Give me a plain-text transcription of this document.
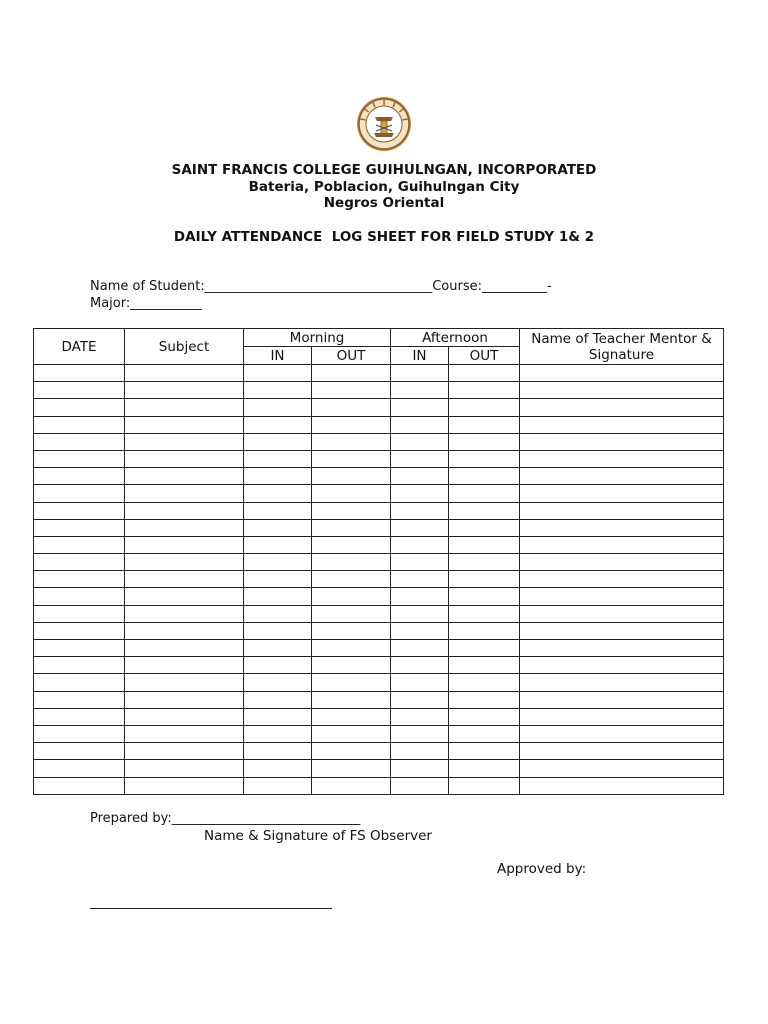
SAINT FRANCIS COLLEGE GUIHULNGAN, INCORPORATED
Bateria, Poblacion, Guihulngan City
Negros Oriental
DAILY ATTENDANCE  LOG SHEET FOR FIELD STUDY 1& 2
Name of Student:___________________________________Course:__________-
Major:___________
DATE	Subject	Morning		Afternoon		Name of Teacher Mentor & Signature
		IN	OUT	IN	OUT	

Prepared by:_____________________________
Name & Signature of FS Observer
Approved by:
